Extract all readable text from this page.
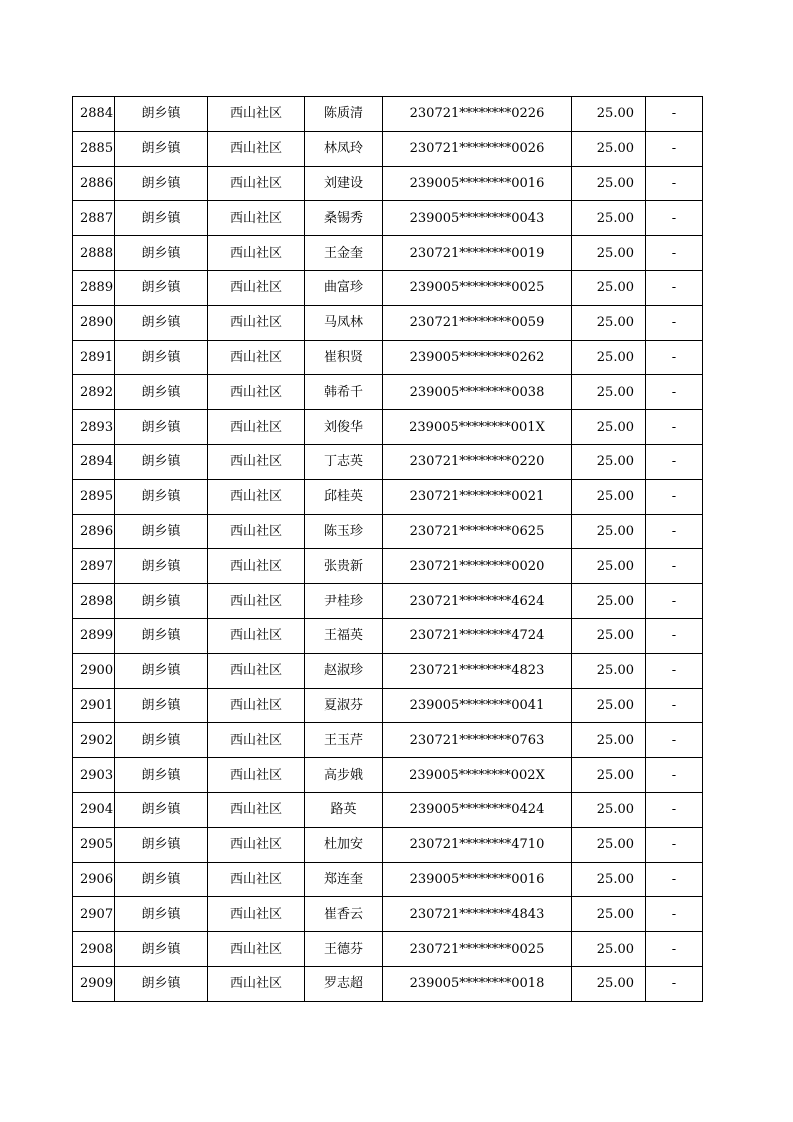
2884	朗乡镇	西山社区	陈质清	230721********0226	25.00	-
2885	朗乡镇	西山社区	林凤玲	230721********0026	25.00	-
2886	朗乡镇	西山社区	刘建设	239005********0016	25.00	-
2887	朗乡镇	西山社区	桑锡秀	239005********0043	25.00	-
2888	朗乡镇	西山社区	王金奎	230721********0019	25.00	-
2889	朗乡镇	西山社区	曲富珍	239005********0025	25.00	-
2890	朗乡镇	西山社区	马凤林	230721********0059	25.00	-
2891	朗乡镇	西山社区	崔积贤	239005********0262	25.00	-
2892	朗乡镇	西山社区	韩希千	239005********0038	25.00	-
2893	朗乡镇	西山社区	刘俊华	239005********001X	25.00	-
2894	朗乡镇	西山社区	丁志英	230721********0220	25.00	-
2895	朗乡镇	西山社区	邱桂英	230721********0021	25.00	-
2896	朗乡镇	西山社区	陈玉珍	230721********0625	25.00	-
2897	朗乡镇	西山社区	张贵新	230721********0020	25.00	-
2898	朗乡镇	西山社区	尹桂珍	230721********4624	25.00	-
2899	朗乡镇	西山社区	王福英	230721********4724	25.00	-
2900	朗乡镇	西山社区	赵淑珍	230721********4823	25.00	-
2901	朗乡镇	西山社区	夏淑芬	239005********0041	25.00	-
2902	朗乡镇	西山社区	王玉芹	230721********0763	25.00	-
2903	朗乡镇	西山社区	高步娥	239005********002X	25.00	-
2904	朗乡镇	西山社区	路英	239005********0424	25.00	-
2905	朗乡镇	西山社区	杜加安	230721********4710	25.00	-
2906	朗乡镇	西山社区	郑连奎	239005********0016	25.00	-
2907	朗乡镇	西山社区	崔香云	230721********4843	25.00	-
2908	朗乡镇	西山社区	王德芬	230721********0025	25.00	-
2909	朗乡镇	西山社区	罗志超	239005********0018	25.00	-
